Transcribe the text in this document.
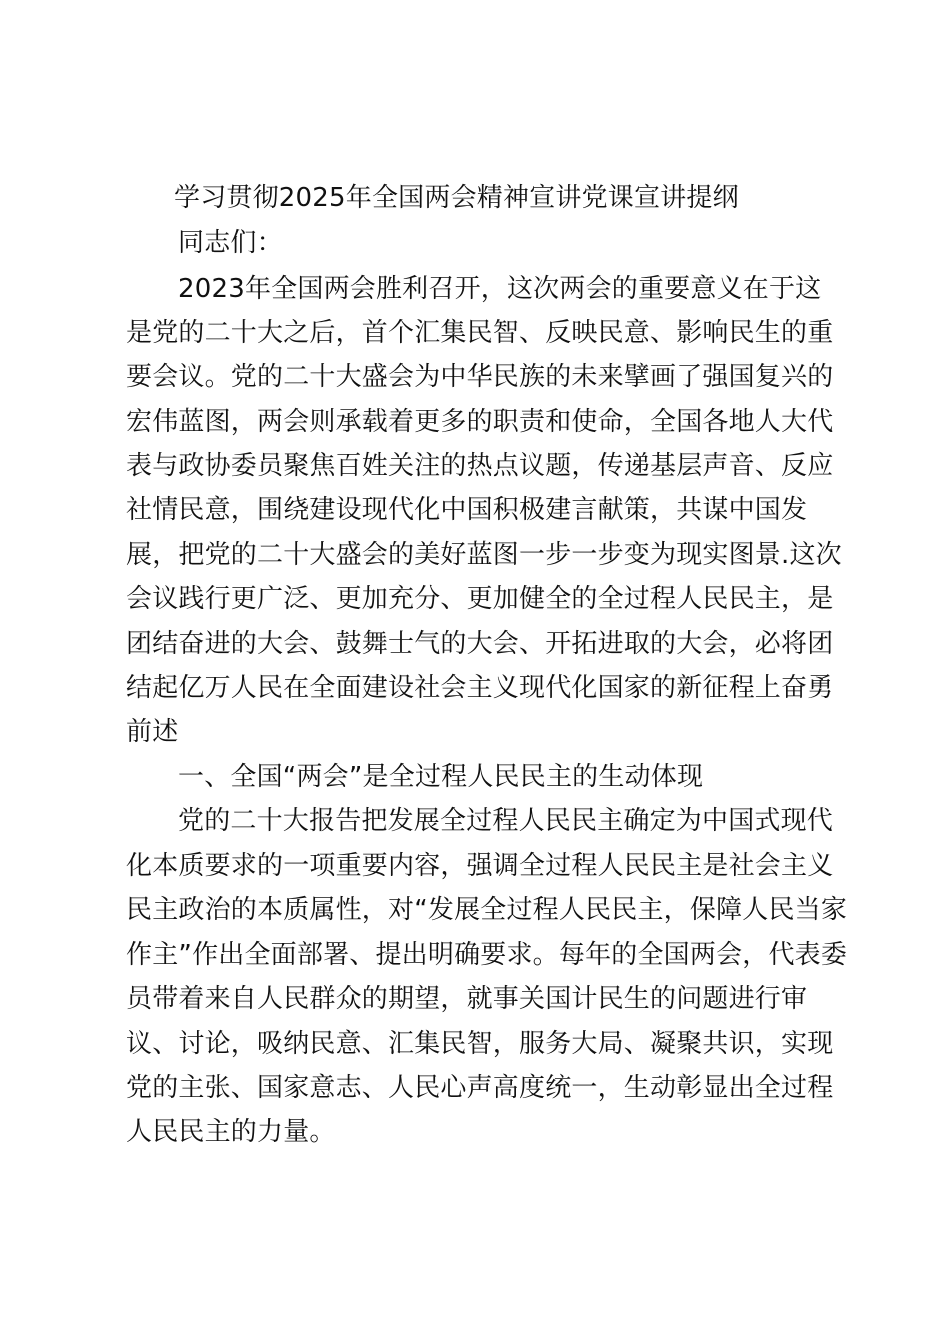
学习贯彻2025年全国两会精神宣讲党课宣讲提纲
同志们：
2023年全国两会胜利召开，这次两会的重要意义在于这
是党的二十大之后，首个汇集民智、反映民意、影响民生的重
要会议。党的二十大盛会为中华民族的未来擘画了强国复兴的
宏伟蓝图，两会则承载着更多的职责和使命，全国各地人大代
表与政协委员聚焦百姓关注的热点议题，传递基层声音、反应
社情民意，围绕建设现代化中国积极建言献策，共谋中国发
展，把党的二十大盛会的美好蓝图一步一步变为现实图景.这次
会议践行更广泛、更加充分、更加健全的全过程人民民主，是
团结奋进的大会、鼓舞士气的大会、开拓进取的大会，必将团
结起亿万人民在全面建设社会主义现代化国家的新征程上奋勇
前述
一、全国“两会”是全过程人民民主的生动体现
党的二十大报告把发展全过程人民民主确定为中国式现代
化本质要求的一项重要内容，强调全过程人民民主是社会主义
民主政治的本质属性，对“发展全过程人民民主，保障人民当家
作主”作出全面部署、提出明确要求。每年的全国两会，代表委
员带着来自人民群众的期望，就事关国计民生的问题进行审
议、讨论，吸纳民意、汇集民智，服务大局、凝聚共识，实现
党的主张、国家意志、人民心声高度统一，生动彰显出全过程
人民民主的力量。
